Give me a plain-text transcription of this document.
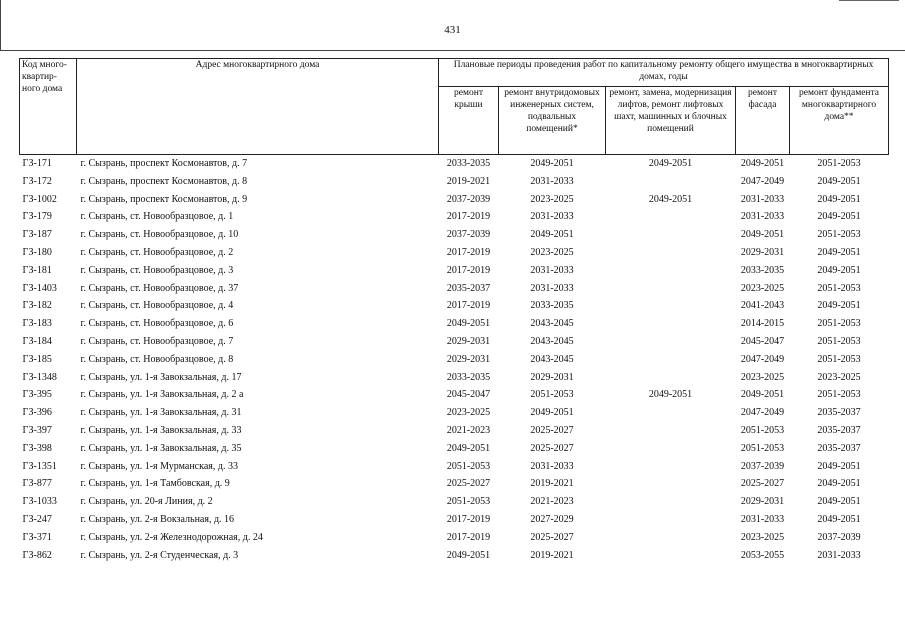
431
Код много-квартир-ного дома	Адрес многоквартирного дома	Плановые периоды проведения работ по капитальному ремонту общего имущества в многоквартирных домах, годы				
		ремонт крыши	ремонт внутридомовых инженерных систем, подвальных помещений*	ремонт, замена, модернизация лифтов, ремонт лифтовых шахт, машинных и блочных помещений	ремонт фасада	ремонт фундамента многоквартирного дома**
ГЗ-171	г. Сызрань, проспект Космонавтов, д. 7	2033-2035	2049-2051	2049-2051	2049-2051	2051-2053
ГЗ-172	г. Сызрань, проспект Космонавтов, д. 8	2019-2021	2031-2033		2047-2049	2049-2051
ГЗ-1002	г. Сызрань, проспект Космонавтов, д. 9	2037-2039	2023-2025	2049-2051	2031-2033	2049-2051
ГЗ-179	г. Сызрань, ст. Новообразцовое, д. 1	2017-2019	2031-2033		2031-2033	2049-2051
ГЗ-187	г. Сызрань, ст. Новообразцовое, д. 10	2037-2039	2049-2051		2049-2051	2051-2053
ГЗ-180	г. Сызрань, ст. Новообразцовое, д. 2	2017-2019	2023-2025		2029-2031	2049-2051
ГЗ-181	г. Сызрань, ст. Новообразцовое, д. 3	2017-2019	2031-2033		2033-2035	2049-2051
ГЗ-1403	г. Сызрань, ст. Новообразцовое, д. 37	2035-2037	2031-2033		2023-2025	2051-2053
ГЗ-182	г. Сызрань, ст. Новообразцовое, д. 4	2017-2019	2033-2035		2041-2043	2049-2051
ГЗ-183	г. Сызрань, ст. Новообразцовое, д. 6	2049-2051	2043-2045		2014-2015	2051-2053
ГЗ-184	г. Сызрань, ст. Новообразцовое, д. 7	2029-2031	2043-2045		2045-2047	2051-2053
ГЗ-185	г. Сызрань, ст. Новообразцовое, д. 8	2029-2031	2043-2045		2047-2049	2051-2053
ГЗ-1348	г. Сызрань, ул. 1-я Завокзальная, д. 17	2033-2035	2029-2031		2023-2025	2023-2025
ГЗ-395	г. Сызрань, ул. 1-я Завокзальная, д. 2 а	2045-2047	2051-2053	2049-2051	2049-2051	2051-2053
ГЗ-396	г. Сызрань, ул. 1-я Завокзальная, д. 31	2023-2025	2049-2051		2047-2049	2035-2037
ГЗ-397	г. Сызрань, ул. 1-я Завокзальная, д. 33	2021-2023	2025-2027		2051-2053	2035-2037
ГЗ-398	г. Сызрань, ул. 1-я Завокзальная, д. 35	2049-2051	2025-2027		2051-2053	2035-2037
ГЗ-1351	г. Сызрань, ул. 1-я Мурманская, д. 33	2051-2053	2031-2033		2037-2039	2049-2051
ГЗ-877	г. Сызрань, ул. 1-я Тамбовская, д. 9	2025-2027	2019-2021		2025-2027	2049-2051
ГЗ-1033	г. Сызрань, ул. 20-я Линия, д. 2	2051-2053	2021-2023		2029-2031	2049-2051
ГЗ-247	г. Сызрань, ул. 2-я Вокзальная, д. 16	2017-2019	2027-2029		2031-2033	2049-2051
ГЗ-371	г. Сызрань, ул. 2-я Железнодорожная, д. 24	2017-2019	2025-2027		2023-2025	2037-2039
ГЗ-862	г. Сызрань, ул. 2-я Студенческая, д. 3	2049-2051	2019-2021		2053-2055	2031-2033
